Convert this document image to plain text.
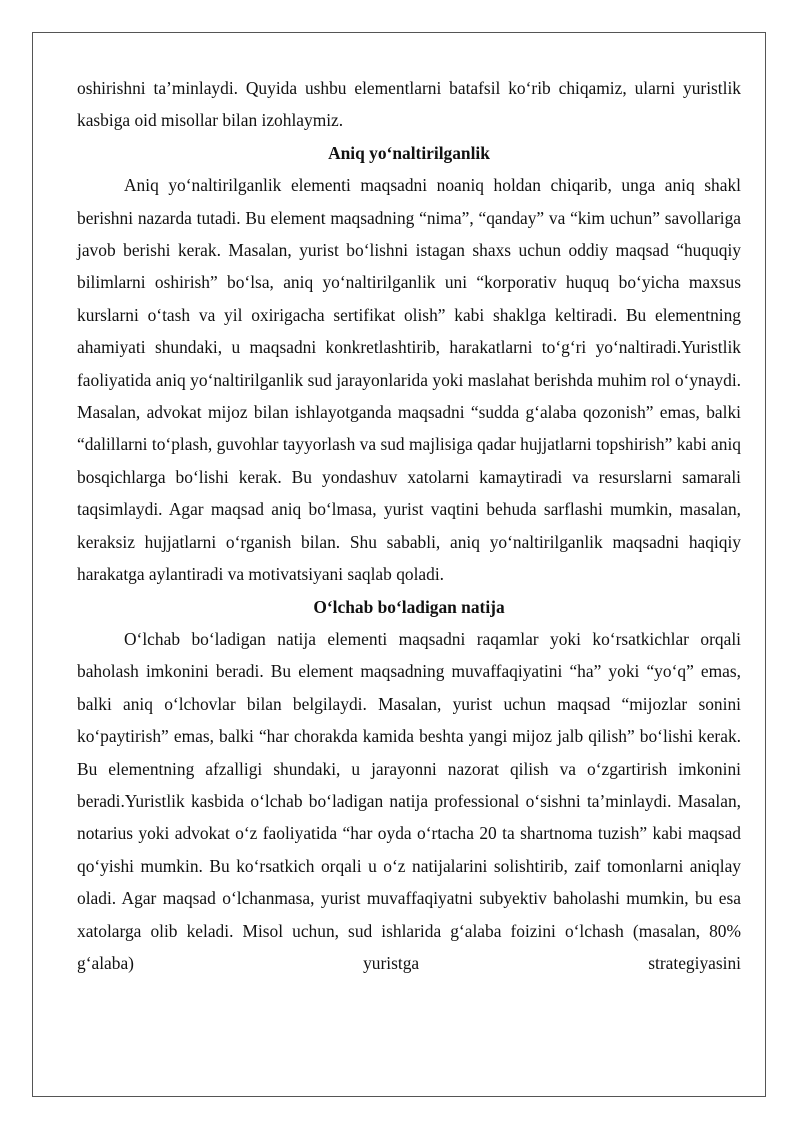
oshirishni ta’minlaydi. Quyida ushbu elementlarni batafsil ko‘rib chiqamiz, ularni yuristlik kasbiga oid misollar bilan izohlaymiz.

Aniq yo‘naltirilganlik

Aniq yo‘naltirilganlik elementi maqsadni noaniq holdan chiqarib, unga aniq shakl berishni nazarda tutadi. Bu element maqsadning “nima”, “qanday” va “kim uchun” savollariga javob berishi kerak. Masalan, yurist bo‘lishni istagan shaxs uchun oddiy maqsad “huquqiy bilimlarni oshirish” bo‘lsa, aniq yo‘naltirilganlik uni “korporativ huquq bo‘yicha maxsus kurslarni o‘tash va yil oxirigacha sertifikat olish” kabi shaklga keltiradi. Bu elementning ahamiyati shundaki, u maqsadni konkretlashtirib, harakatlarni to‘g‘ri yo‘naltiradi.Yuristlik faoliyatida aniq yo‘naltirilganlik sud jarayonlarida yoki maslahat berishda muhim rol o‘ynaydi. Masalan, advokat mijoz bilan ishlayotganda maqsadni “sudda g‘alaba qozonish” emas, balki “dalillarni to‘plash, guvohlar tayyorlash va sud majlisiga qadar hujjatlarni topshirish” kabi aniq bosqichlarga bo‘lishi kerak. Bu yondashuv xatolarni kamaytiradi va resurslarni samarali taqsimlaydi. Agar maqsad aniq bo‘lmasa, yurist vaqtini behuda sarflashi mumkin, masalan, keraksiz hujjatlarni o‘rganish bilan. Shu sababli, aniq yo‘naltirilganlik maqsadni haqiqiy harakatga aylantiradi va motivatsiyani saqlab qoladi.

O‘lchab bo‘ladigan natija

O‘lchab bo‘ladigan natija elementi maqsadni raqamlar yoki ko‘rsatkichlar orqali baholash imkonini beradi. Bu element maqsadning muvaffaqiyatini “ha” yoki “yo‘q” emas, balki aniq o‘lchovlar bilan belgilaydi. Masalan, yurist uchun maqsad “mijozlar sonini ko‘paytirish” emas, balki “har chorakda kamida beshta yangi mijoz jalb qilish” bo‘lishi kerak. Bu elementning afzalligi shundaki, u jarayonni nazorat qilish va o‘zgartirish imkonini beradi.Yuristlik kasbida o‘lchab bo‘ladigan natija professional o‘sishni ta’minlaydi. Masalan, notarius yoki advokat o‘z faoliyatida “har oyda o‘rtacha 20 ta shartnoma tuzish” kabi maqsad qo‘yishi mumkin. Bu ko‘rsatkich orqali u o‘z natijalarini solishtirib, zaif tomonlarni aniqlay oladi. Agar maqsad o‘lchanmasa, yurist muvaffaqiyatni subyektiv baholashi mumkin, bu esa xatolarga olib keladi. Misol uchun, sud ishlarida g‘alaba foizini o‘lchash (masalan, 80% g‘alaba) yuristga strategiyasini
